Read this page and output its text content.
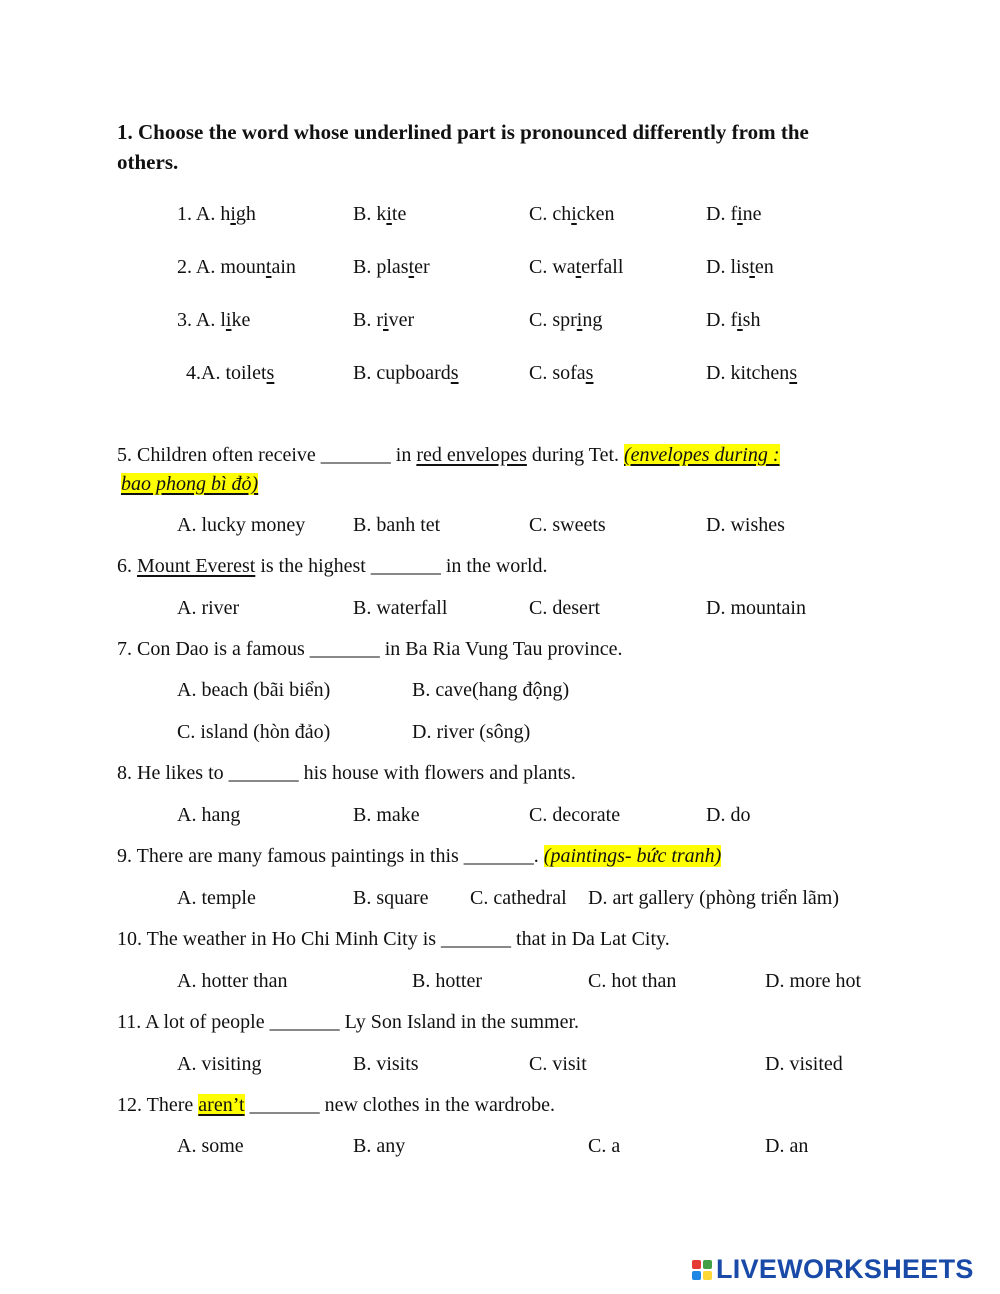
1. Choose the word whose underlined part is pronounced differently from the
others.
1. A. high	B. kite	C. chicken	D. fine
2. A. mountain	B. plaster	C. waterfall	D. listen
3. A. like	B. river	C. spring	D. fish
4.A. toilets	B. cupboards	C. sofas	D. kitchens
5. Children often receive _______ in red envelopes during Tet. (envelopes during :
bao phong bì đỏ)
A. lucky money B. banh tet	C. sweets	D. wishes
6. Mount Everest is the highest _______ in the world.
A. river	B. waterfall	C. desert	D. mountain
7. Con Dao is a famous _______ in Ba Ria Vung Tau province.
A. beach (bãi biển)	B. cave(hang động)
C. island (hòn đảo)	D. river (sông)
8. He likes to _______ his house with flowers and plants.
A. hang	B. make	C. decorate	D. do
9. There are many famous paintings in this _______. (paintings- bức tranh)
A. temple	B. square C. cathedral D. art gallery (phòng triển lãm)
10. The weather in Ho Chi Minh City is _______ that in Da Lat City.
A. hotter than	B. hotter	C. hot than	D. more hot
11. A lot of people _______ Ly Son Island in the summer.
A. visiting	B. visits	C. visit	D. visited
12. There aren’t _______ new clothes in the wardrobe.
A. some	B. any	C. a	D. an
LIVEWORKSHEETS
